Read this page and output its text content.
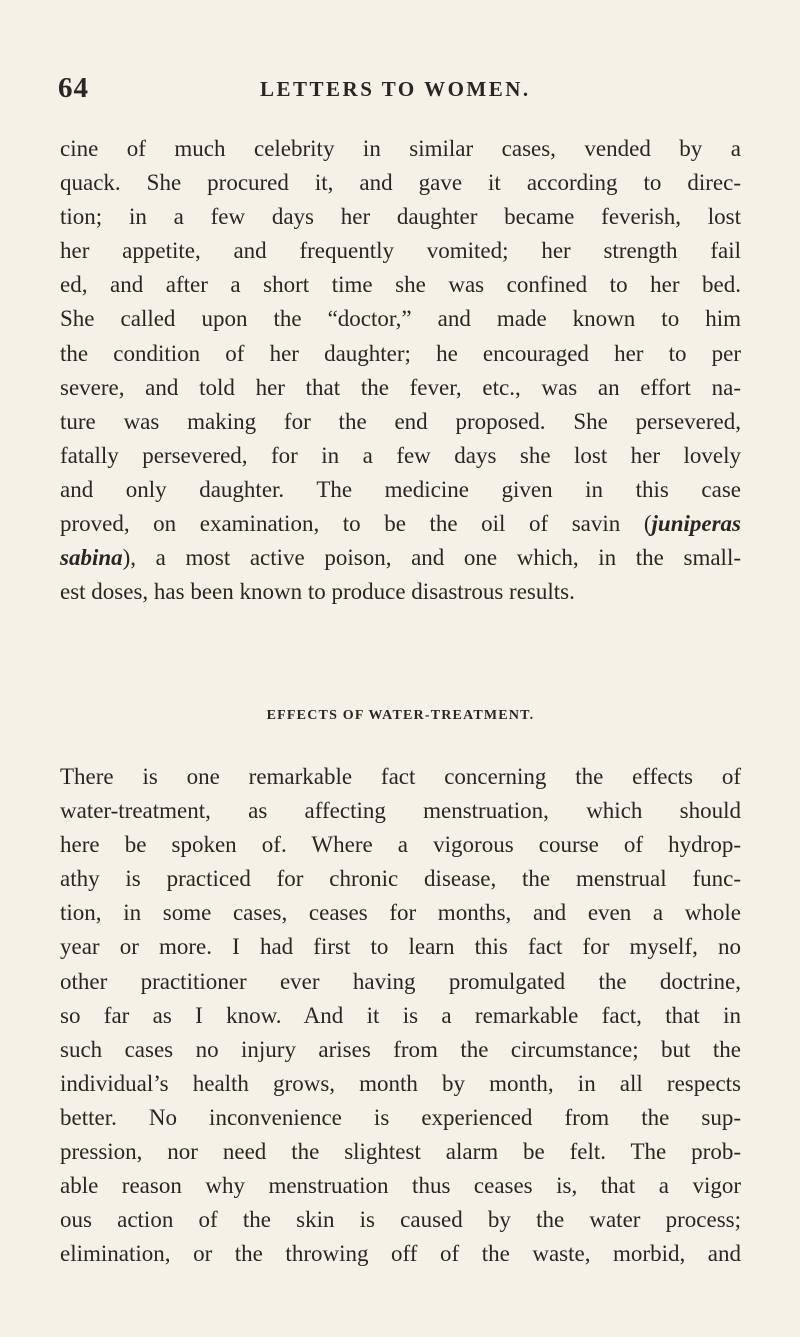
64	LETTERS TO WOMEN.
cine of much celebrity in similar cases, vended by a
quack. She procured it, and gave it according to direc-
tion; in a few days her daughter became feverish, lost
her appetite, and frequently vomited; her strength fail
ed, and after a short time she was confined to her bed.
She called upon the “doctor,” and made known to him
the condition of her daughter; he encouraged her to per
severe, and told her that the fever, etc., was an effort na-
ture was making for the end proposed. She persevered,
fatally persevered, for in a few days she lost her lovely
and only daughter. The medicine given in this case
proved, on examination, to be the oil of savin (juniperas
sabina), a most active poison, and one which, in the small-
est doses, has been known to produce disastrous results.
EFFECTS OF WATER-TREATMENT.
There is one remarkable fact concerning the effects of
water-treatment, as affecting menstruation, which should
here be spoken of. Where a vigorous course of hydrop-
athy is practiced for chronic disease, the menstrual func-
tion, in some cases, ceases for months, and even a whole
year or more. I had first to learn this fact for myself, no
other practitioner ever having promulgated the doctrine,
so far as I know. And it is a remarkable fact, that in
such cases no injury arises from the circumstance; but the
individual’s health grows, month by month, in all respects
better. No inconvenience is experienced from the sup-
pression, nor need the slightest alarm be felt. The prob-
able reason why menstruation thus ceases is, that a vigor
ous action of the skin is caused by the water process;
elimination, or the throwing off of the waste, morbid, and
